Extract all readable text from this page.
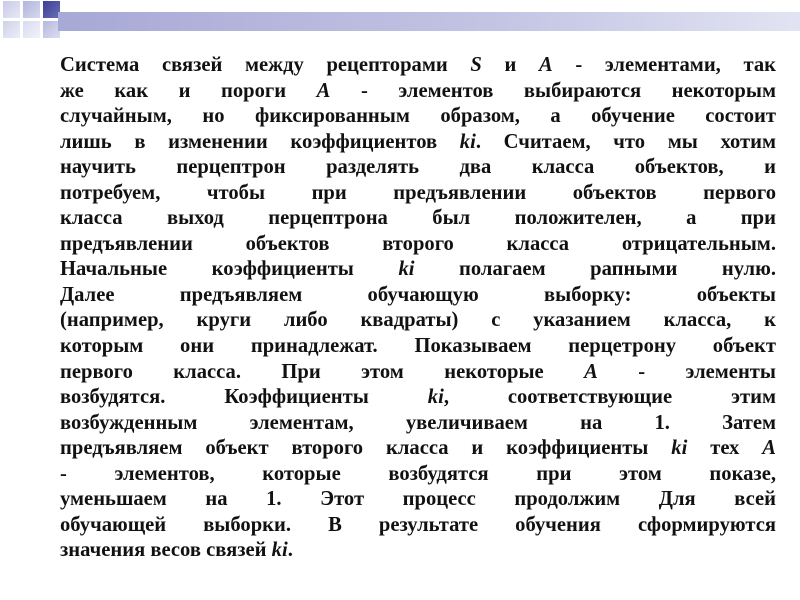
Система связей между рецепторами S и A - элементами, так
же как и пороги A - элементов выбираются некоторым
случайным, но фиксированным образом, а обучение состоит
лишь в изменении коэффициентов ki. Считаем, что мы хотим
научить перцептрон разделять два класса объектов, и
потребуем, чтобы при предъявлении объектов первого
класса выход перцептрона был положителен, а при
предъявлении объектов второго класса отрицательным.
Начальные коэффициенты ki полагаем рапными нулю.
Далее предъявляем обучающую выборку: объекты
(например, круги либо квадраты) с указанием класса, к
которым они принадлежат. Показываем перцетрону объект
первого класса. При этом некоторые A - элементы
возбудятся. Коэффициенты ki, соответствующие этим
возбужденным элементам, увеличиваем на 1. Затем
предъявляем объект второго класса и коэффициенты ki тех A
- элементов, которые возбудятся при этом показе,
уменьшаем на 1. Этот процесс продолжим Для всей
обучающей выборки. В результате обучения сформируются
значения весов связей ki.
